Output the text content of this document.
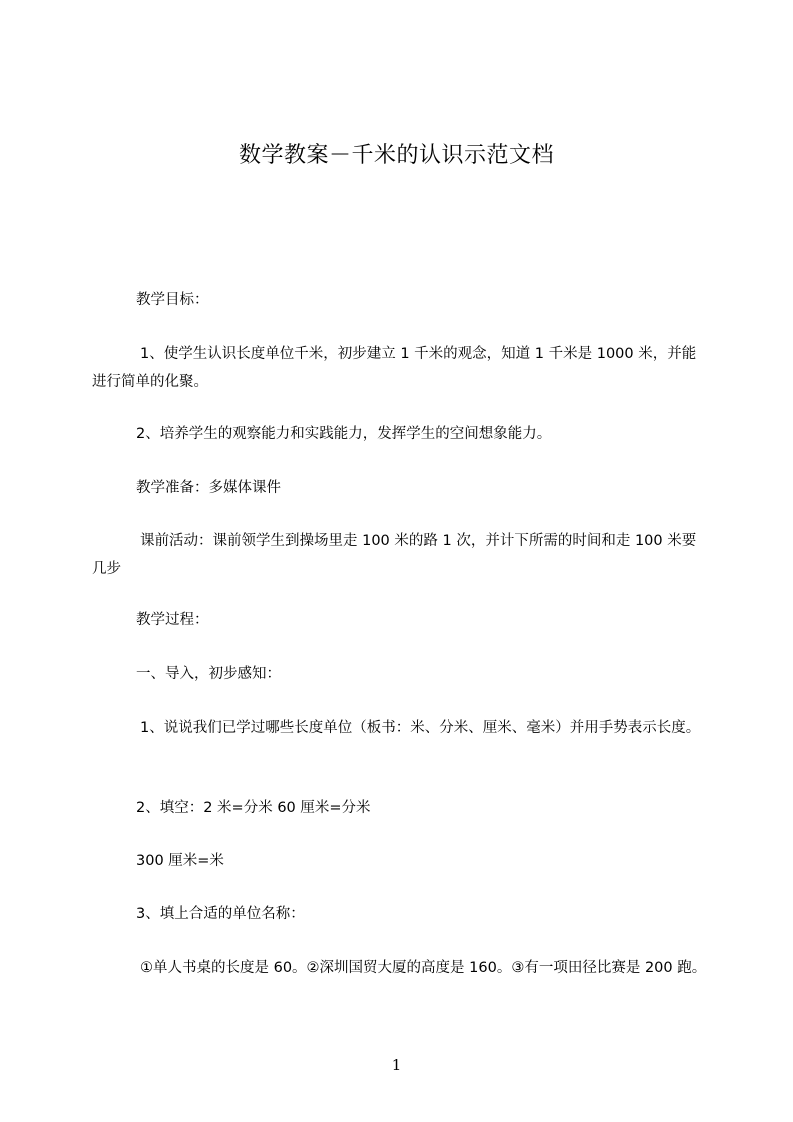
数学教案－千米的认识示范文档
教学目标：
1、使学生认识长度单位千米，初步建立 1 千米的观念，知道 1 千米是 1000 米，并能进行简单的化聚。
2、培养学生的观察能力和实践能力，发挥学生的空间想象能力。
教学准备：多媒体课件
课前活动：课前领学生到操场里走 100 米的路 1 次，并计下所需的时间和走 100 米要几步
教学过程：
一、导入，初步感知：
1、说说我们已学过哪些长度单位（板书：米、分米、厘米、毫米）并用手势表示长度。
2、填空：2 米=分米 60 厘米=分米
300 厘米=米
3、填上合适的单位名称：
①单人书桌的长度是 60。②深圳国贸大厦的高度是 160。③有一项田径比赛是 200 跑。
1
